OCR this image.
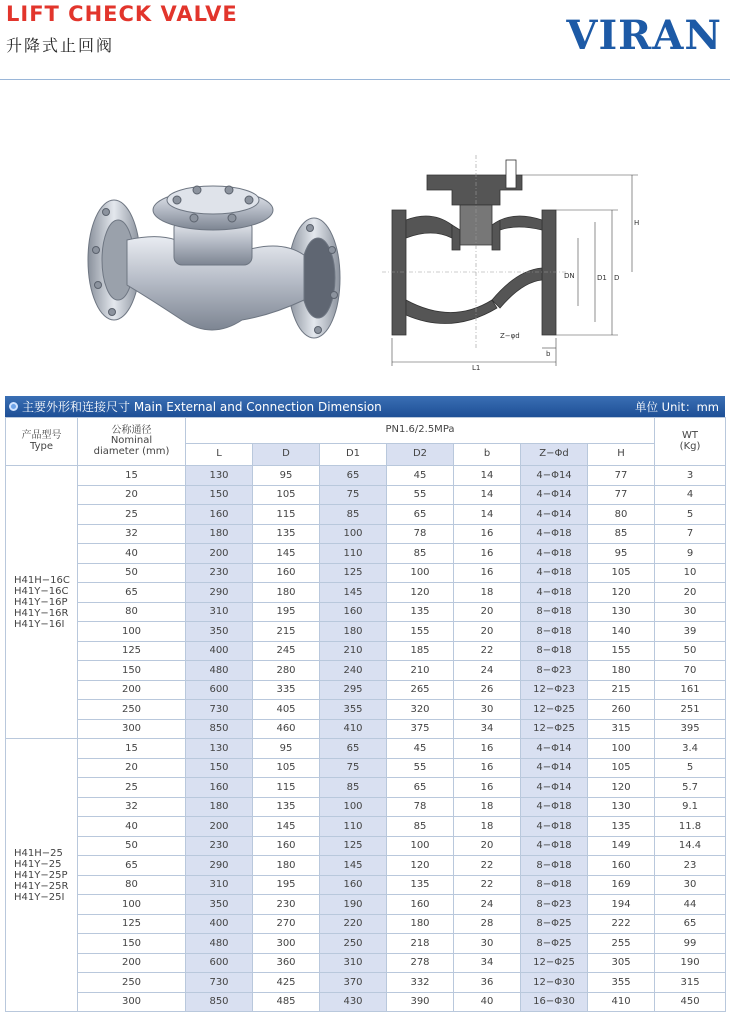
LIFT CHECK VALVE
升降式止回阀	VIRAN
H
D
D1
DN
L1
b
Z−φd
主要外形和连接尺寸 Main External and Connection Dimension	单位 Unit：mm
产品型号
Type	公称通径
Nominal
diameter (mm)	PN1.6/2.5MPa							WT
(Kg)

		L	D	D1	D2	b	Z−Φd	H	

H41H−16C
H41Y−16C
H41Y−16P
H41Y−16R
H41Y−16I	15	130	95	65	45	14	4−Φ14	77	3
	20	150	105	75	55	14	4−Φ14	77	4
	25	160	115	85	65	14	4−Φ14	80	5
	32	180	135	100	78	16	4−Φ18	85	7
	40	200	145	110	85	16	4−Φ18	95	9
	50	230	160	125	100	16	4−Φ18	105	10
	65	290	180	145	120	18	4−Φ18	120	20
	80	310	195	160	135	20	8−Φ18	130	30
	100	350	215	180	155	20	8−Φ18	140	39
	125	400	245	210	185	22	8−Φ18	155	50
	150	480	280	240	210	24	8−Φ23	180	70
	200	600	335	295	265	26	12−Φ23	215	161
	250	730	405	355	320	30	12−Φ25	260	251
	300	850	460	410	375	34	12−Φ25	315	395

H41H−25
H41Y−25
H41Y−25P
H41Y−25R
H41Y−25I	15	130	95	65	45	16	4−Φ14	100	3.4
	20	150	105	75	55	16	4−Φ14	105	5
	25	160	115	85	65	16	4−Φ14	120	5.7
	32	180	135	100	78	18	4−Φ18	130	9.1
	40	200	145	110	85	18	4−Φ18	135	11.8
	50	230	160	125	100	20	4−Φ18	149	14.4
	65	290	180	145	120	22	8−Φ18	160	23
	80	310	195	160	135	22	8−Φ18	169	30
	100	350	230	190	160	24	8−Φ23	194	44
	125	400	270	220	180	28	8−Φ25	222	65
	150	480	300	250	218	30	8−Φ25	255	99
	200	600	360	310	278	34	12−Φ25	305	190
	250	730	425	370	332	36	12−Φ30	355	315
	300	850	485	430	390	40	16−Φ30	410	450
